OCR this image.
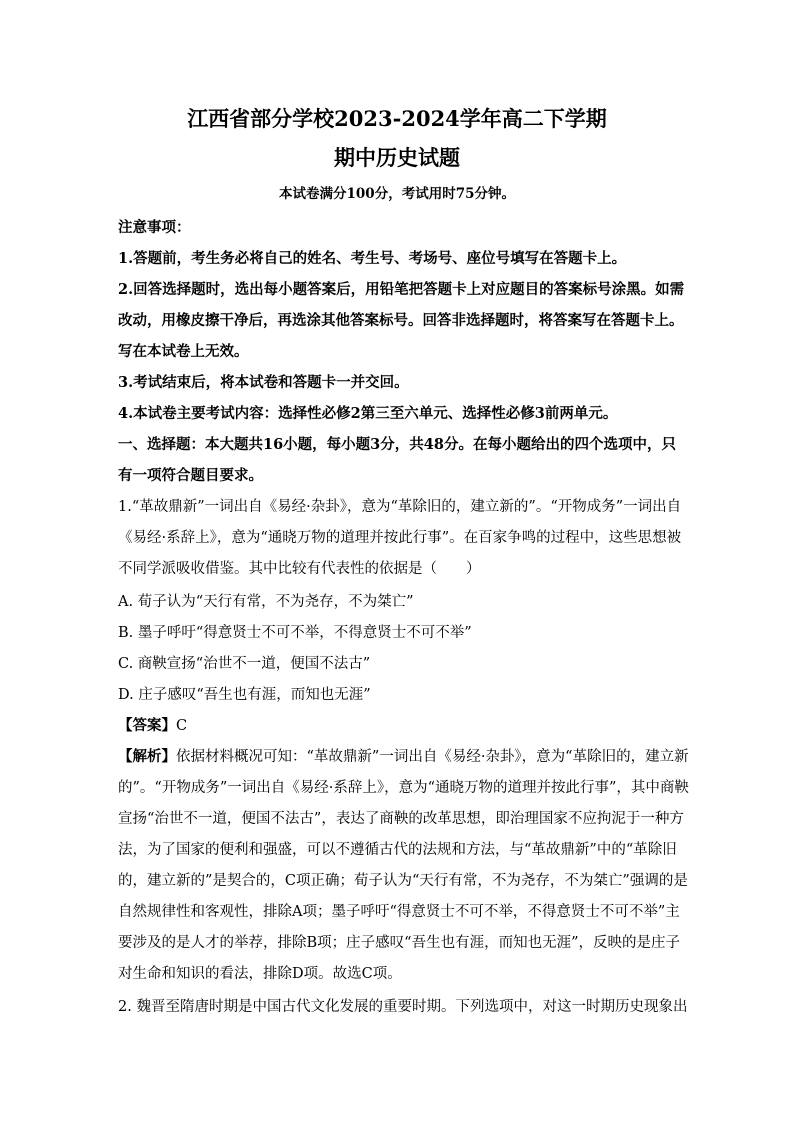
江西省部分学校2023-2024学年高二下学期
期中历史试题
本试卷满分100分，考试用时75分钟。
注意事项：
1.答题前，考生务必将自己的姓名、考生号、考场号、座位号填写在答题卡上。
2.回答选择题时，选出每小题答案后，用铅笔把答题卡上对应题目的答案标号涂黑。如需
改动，用橡皮擦干净后，再选涂其他答案标号。回答非选择题时，将答案写在答题卡上。
写在本试卷上无效。
3.考试结束后，将本试卷和答题卡一并交回。
4.本试卷主要考试内容：选择性必修2第三至六单元、选择性必修3前两单元。
一、选择题：本大题共16小题，每小题3分，共48分。在每小题给出的四个选项中，只
有一项符合题目要求。
1.“革故鼎新”一词出自《易经·杂卦》，意为“革除旧的，建立新的”。“开物成务”一词出自
《易经·系辞上》，意为“通晓万物的道理并按此行事”。在百家争鸣的过程中，这些思想被
不同学派吸收借鉴。其中比较有代表性的依据是（　　）
A. 荀子认为“天行有常，不为尧存，不为桀亡”
B. 墨子呼吁“得意贤士不可不举，不得意贤士不可不举”
C. 商鞅宣扬“治世不一道，便国不法古”
D. 庄子感叹“吾生也有涯，而知也无涯”
【答案】C
【解析】依据材料概况可知：“革故鼎新”一词出自《易经·杂卦》，意为“革除旧的，建立新
的”。“开物成务”一词出自《易经·系辞上》，意为“通晓万物的道理并按此行事”，其中商鞅
宣扬“治世不一道，便国不法古”，表达了商鞅的改革思想，即治理国家不应拘泥于一种方
法，为了国家的便利和强盛，可以不遵循古代的法规和方法，与“革故鼎新”中的“革除旧
的，建立新的”是契合的，C项正确；荀子认为“天行有常，不为尧存，不为桀亡”强调的是
自然规律性和客观性，排除A项；墨子呼吁“得意贤士不可不举，不得意贤士不可不举”主
要涉及的是人才的举荐，排除B项；庄子感叹“吾生也有涯，而知也无涯”，反映的是庄子
对生命和知识的看法，排除D项。故选C项。
2. 魏晋至隋唐时期是中国古代文化发展的重要时期。下列选项中，对这一时期历史现象出
